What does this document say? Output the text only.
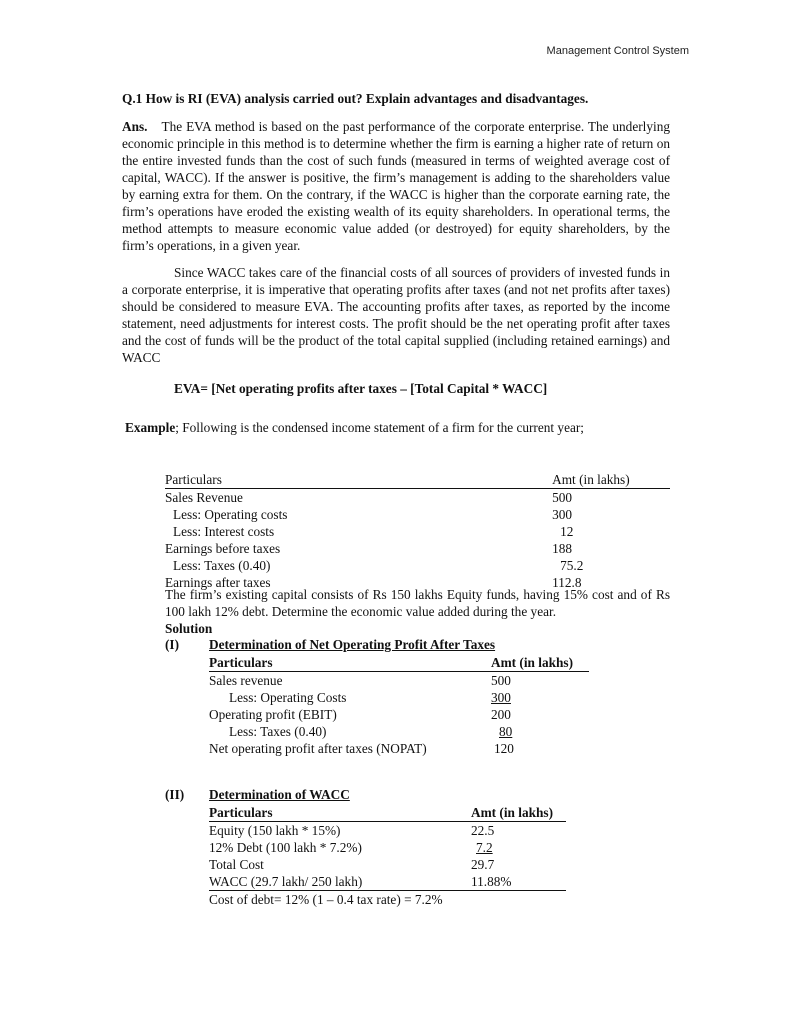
Management Control System

Q.1 How is RI (EVA) analysis carried out? Explain advantages and disadvantages.

Ans. The EVA method is based on the past performance of the corporate enterprise. The underlying economic principle in this method is to determine whether the firm is earning a higher rate of return on the entire invested funds than the cost of such funds (measured in terms of weighted average cost of capital, WACC). If the answer is positive, the firm’s management is adding to the shareholders value by earning extra for them. On the contrary, if the WACC is higher than the corporate earning rate, the firm’s operations have eroded the existing wealth of its equity shareholders. In operational terms, the method attempts to measure economic value added (or destroyed) for equity shareholders, by the firm’s operations, in a given year.

Since WACC takes care of the financial costs of all sources of providers of invested funds in a corporate enterprise, it is imperative that operating profits after taxes (and not net profits after taxes) should be considered to measure EVA. The accounting profits after taxes, as reported by the income statement, need adjustments for interest costs. The profit should be the net operating profit after taxes and the cost of funds will be the product of the total capital supplied (including retained earnings) and WACC

EVA= [Net operating profits after taxes – [Total Capital * WACC]

Example; Following is the condensed income statement of a firm for the current year;

Particulars	Amt (in lakhs)
Sales Revenue	500
Less: Operating costs	300
Less: Interest costs	12
Earnings before taxes	188
Less: Taxes (0.40)	75.2
Earnings after taxes	112.8

The firm’s existing capital consists of Rs 150 lakhs Equity funds, having 15% cost and of Rs 100 lakh 12% debt. Determine the economic value added during the year.

Solution

(I) Determination of Net Operating Profit After Taxes
Particulars	Amt (in lakhs)
Sales revenue	500
Less: Operating Costs	300
Operating profit (EBIT)	200
Less: Taxes (0.40)	80
Net operating profit after taxes (NOPAT)	120
(II) Determination of WACC
Particulars	Amt (in lakhs)
Equity (150 lakh * 15%)	22.5
12% Debt (100 lakh * 7.2%)	7.2
Total Cost	29.7
WACC (29.7 lakh/ 250 lakh)	11.88%
Cost of debt= 12% (1 – 0.4 tax rate) = 7.2%	
